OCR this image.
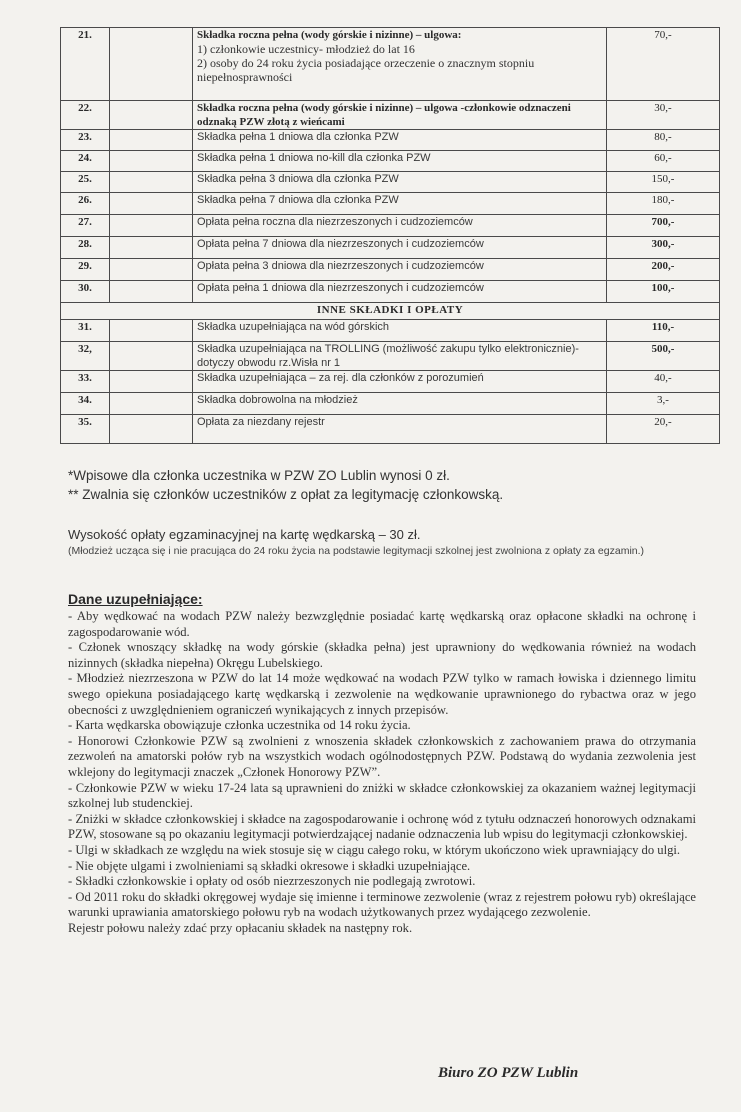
21.		Składka roczna pełna (wody górskie i nizinne) – ulgowa:
1) członkowie uczestnicy- młodzież do lat 16
2) osoby do 24 roku życia posiadające orzeczenie o znacznym stopniu niepełnosprawności	70,-
22.		Składka roczna pełna (wody górskie i nizinne) – ulgowa -członkowie odznaczeni odznaką PZW złotą z wieńcami	30,-
23.		Składka pełna 1 dniowa dla członka PZW	80,-
24.		Składka pełna 1 dniowa no-kill dla członka PZW	60,-
25.		Składka pełna 3 dniowa dla członka PZW	150,-
26.		Składka pełna 7 dniowa dla członka PZW	180,-
27.		Opłata pełna roczna dla niezrzeszonych i cudzoziemców	700,-
28.		Opłata pełna 7 dniowa dla niezrzeszonych i cudzoziemców	300,-
29.		Opłata pełna 3 dniowa dla niezrzeszonych i cudzoziemców	200,-
30.		Opłata pełna 1 dniowa dla niezrzeszonych i cudzoziemców	100,-
INNE SKŁADKI I OPŁATY			
31.		Składka uzupełniająca na wód górskich	110,-
32,		Składka uzupełniająca na TROLLING (możliwość zakupu tylko elektronicznie)-dotyczy obwodu rz.Wisła nr 1	500,-
33.		Składka uzupełniająca – za rej. dla członków z porozumień	40,-
34.		Składka dobrowolna na młodzież	3,-
35.		Opłata za niezdany rejestr	20,-

*Wpisowe dla członka uczestnika w PZW ZO Lublin wynosi 0 zł.

** Zwalnia się członków uczestników z opłat za legitymację członkowską.

Wysokość opłaty egzaminacyjnej na kartę wędkarską – 30 zł.

(Młodzież ucząca się i nie pracująca do 24 roku życia na podstawie legitymacji szkolnej jest zwolniona z opłaty za egzamin.)

Dane uzupełniające:

- Aby wędkować na wodach PZW należy bezwzględnie posiadać kartę wędkarską oraz opłacone składki na ochronę i zagospodarowanie wód.

- Członek wnoszący składkę na wody górskie (składka pełna) jest uprawniony do wędkowania również na wodach nizinnych (składka niepełna) Okręgu Lubelskiego.

- Młodzież niezrzeszona w PZW do lat 14 może wędkować na wodach PZW tylko w ramach łowiska i dziennego limitu swego opiekuna posiadającego kartę wędkarską i zezwolenie na wędkowanie uprawnionego do rybactwa oraz w jego obecności z uwzględnieniem ograniczeń wynikających z innych przepisów.

- Karta wędkarska obowiązuje członka uczestnika od 14 roku życia.

- Honorowi Członkowie PZW są zwolnieni z wnoszenia składek członkowskich z zachowaniem prawa do otrzymania zezwoleń na amatorski połów ryb na wszystkich wodach ogólnodostępnych PZW. Podstawą do wydania zezwolenia jest wklejony do legitymacji znaczek „Członek Honorowy PZW”.

- Członkowie PZW w wieku 17-24 lata są uprawnieni do zniżki w składce członkowskiej za okazaniem ważnej legitymacji szkolnej lub studenckiej.

- Zniżki w składce członkowskiej i składce na zagospodarowanie i ochronę wód z tytułu odznaczeń honorowych odznakami PZW, stosowane są po okazaniu legitymacji potwierdzającej nadanie odznaczenia lub wpisu do legitymacji członkowskiej.

- Ulgi w składkach ze względu na wiek stosuje się w ciągu całego roku, w którym ukończono wiek uprawniający do ulgi.

- Nie objęte ulgami i zwolnieniami są składki okresowe i składki uzupełniające.

- Składki członkowskie i opłaty od osób niezrzeszonych nie podlegają zwrotowi.

- Od 2011 roku do składki okręgowej wydaje się imienne i terminowe zezwolenie (wraz z rejestrem połowu ryb) określające warunki uprawiania amatorskiego połowu ryb na wodach użytkowanych przez wydającego zezwolenie.

Rejestr połowu należy zdać przy opłacaniu składek na następny rok.

Biuro ZO PZW Lublin
